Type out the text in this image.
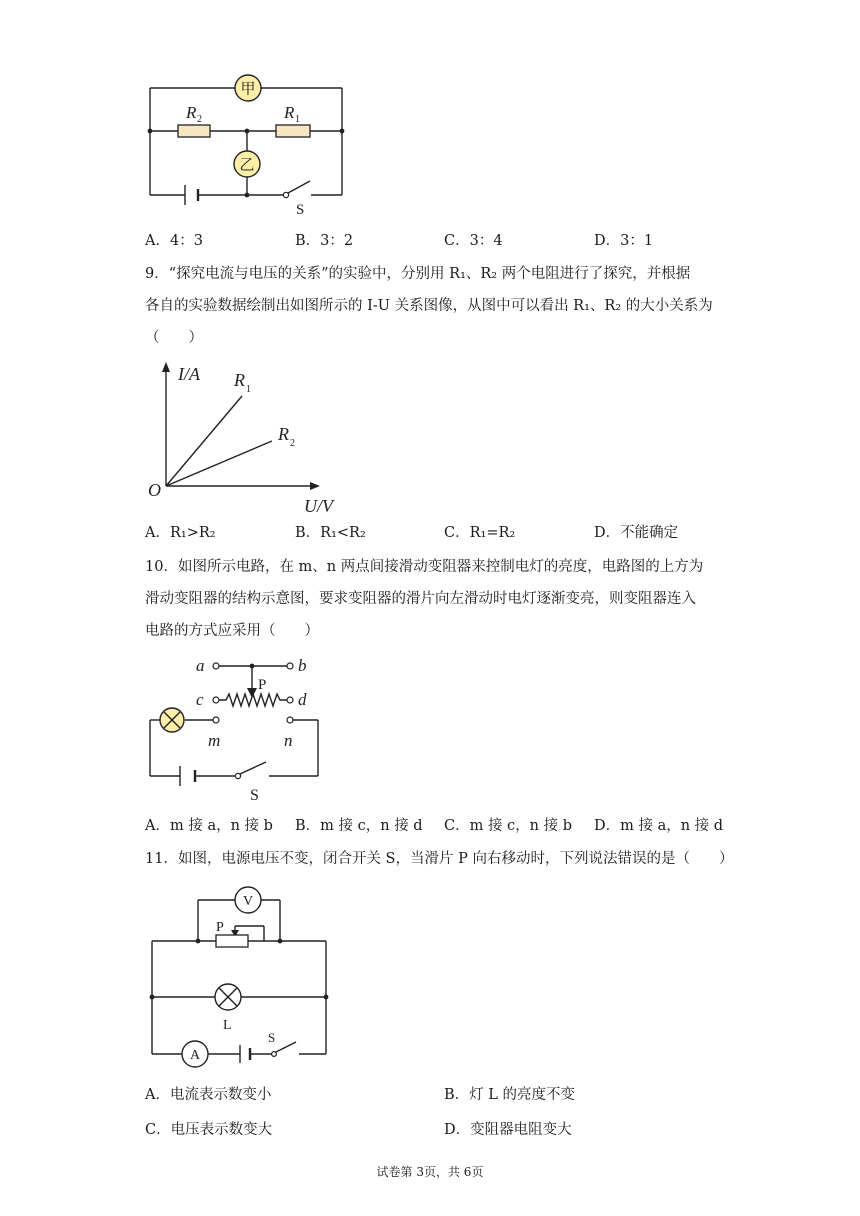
甲
乙
R 2	R 1
S
A．4：3	B．3：2	C．3：4	D．3：1
9．“探究电流与电压的关系”的实验中，分别用 R₁、R₂ 两个电阻进行了探究，并根据
各自的实验数据绘制出如图所示的 I-U 关系图像，从图中可以看出 R₁、R₂ 的大小关系为
（　　）
I/A
U/V
O
R 1
R 2
A．R₁>R₂	B．R₁<R₂	C．R₁=R₂	D．不能确定
10．如图所示电路，在 m、n 两点间接滑动变阻器来控制电灯的亮度，电路图的上方为
滑动变阻器的结构示意图，要求变阻器的滑片向左滑动时电灯逐渐变亮，则变阻器连入
电路的方式应采用（　　）
a	b
P
c	d
m	n
S
A．m 接 a，n 接 b B．m 接 c，n 接 d C．m 接 c，n 接 b D．m 接 a，n 接 d
11．如图，电源电压不变，闭合开关 S，当滑片 P 向右移动时，下列说法错误的是（　　）
V
A
P
L
S
A．电流表示数变小	B．灯 L 的亮度不变
C．电压表示数变大	D．变阻器电阻变大
试卷第 3页，共 6页
